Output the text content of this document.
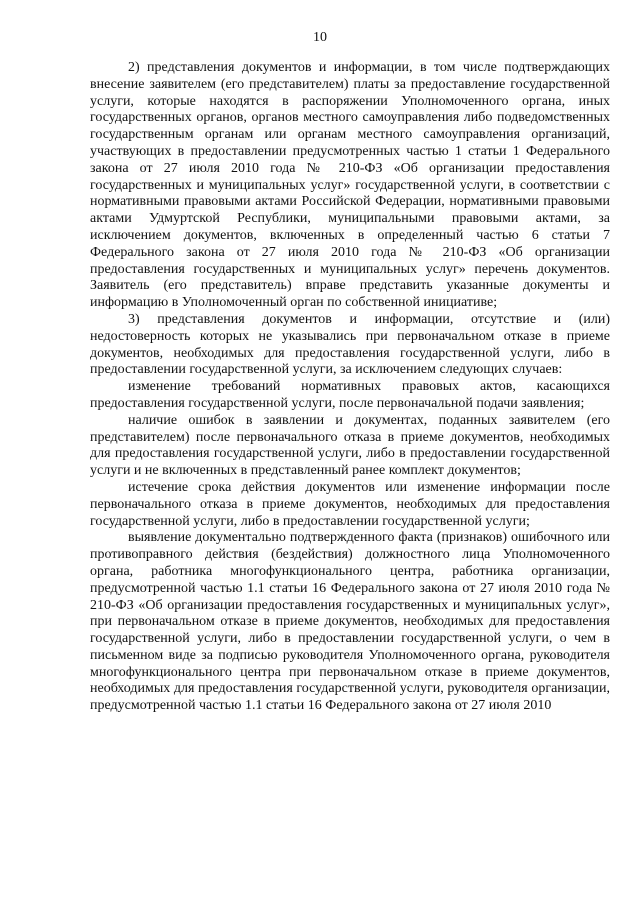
10

2) представления документов и информации, в том числе подтверждающих внесение заявителем (его представителем) платы за предоставление государственной услуги, которые находятся в распоряжении Уполномоченного органа, иных государственных органов, органов местного самоуправления либо подведомственных государственным органам или органам местного самоуправления организаций, участвующих в предоставлении предусмотренных частью 1 статьи 1 Федерального закона от 27 июля 2010 года № 210-ФЗ «Об организации предоставления государственных и муниципальных услуг» государственной услуги, в соответствии с нормативными правовыми актами Российской Федерации, нормативными правовыми актами Удмуртской Республики, муниципальными правовыми актами, за исключением документов, включенных в определенный частью 6 статьи 7 Федерального закона от 27 июля 2010 года № 210-ФЗ «Об организации предоставления государственных и муниципальных услуг» перечень документов. Заявитель (его представитель) вправе представить указанные документы и информацию в Уполномоченный орган по собственной инициативе;

3) представления документов и информации, отсутствие и (или) недостоверность которых не указывались при первоначальном отказе в приеме документов, необходимых для предоставления государственной услуги, либо в предоставлении государственной услуги, за исключением следующих случаев:

изменение требований нормативных правовых актов, касающихся предоставления государственной услуги, после первоначальной подачи заявления;

наличие ошибок в заявлении и документах, поданных заявителем (его представителем) после первоначального отказа в приеме документов, необходимых для предоставления государственной услуги, либо в предоставлении государственной услуги и не включенных в представленный ранее комплект документов;

истечение срока действия документов или изменение информации после первоначального отказа в приеме документов, необходимых для предоставления государственной услуги, либо в предоставлении государственной услуги;

выявление документально подтвержденного факта (признаков) ошибочного или противоправного действия (бездействия) должностного лица Уполномоченного органа, работника многофункционального центра, работника организации, предусмотренной частью 1.1 статьи 16 Федерального закона от 27 июля 2010 года № 210-ФЗ «Об организации предоставления государственных и муниципальных услуг», при первоначальном отказе в приеме документов, необходимых для предоставления государственной услуги, либо в предоставлении государственной услуги, о чем в письменном виде за подписью руководителя Уполномоченного органа, руководителя многофункционального центра при первоначальном отказе в приеме документов, необходимых для предоставления государственной услуги, руководителя организации, предусмотренной частью 1.1 статьи 16 Федерального закона от 27 июля 2010
